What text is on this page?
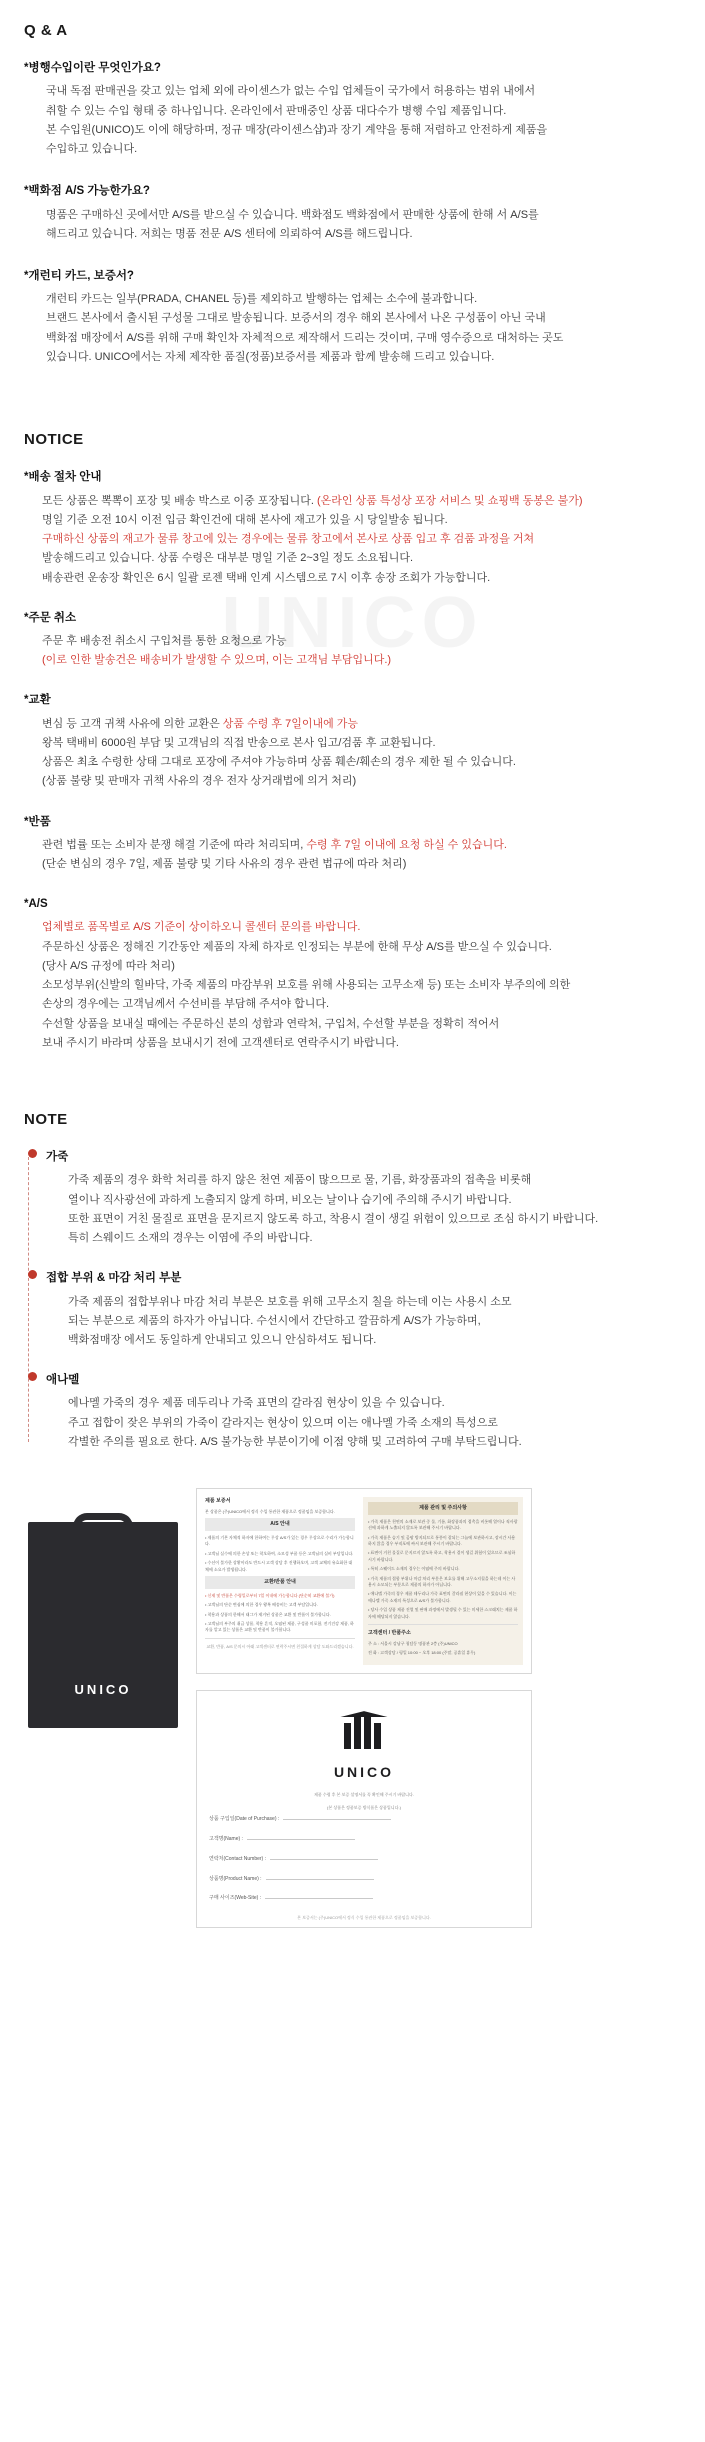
Q & A
*병행수입이란 무엇인가요?

국내 독점 판매권을 갖고 있는 업체 외에 라이센스가 없는 수입 업체들이 국가에서 허용하는 범위 내에서

취할 수 있는 수입 형태 중 하나입니다. 온라인에서 판매중인 상품 대다수가 병행 수입 제품입니다.

본 수입원(UNICO)도 이에 해당하며, 정규 매장(라이센스샵)과 장기 계약을 통해 저렴하고 안전하게 제품을

수입하고 있습니다.

*백화점 A/S 가능한가요?

명품은 구매하신 곳에서만 A/S를 받으실 수 있습니다. 백화점도 백화점에서 판매한 상품에 한해 서 A/S를

해드리고 있습니다. 저희는 명품 전문 A/S 센터에 의뢰하여 A/S를 해드립니다.

*개런티 카드, 보증서?

개런티 카드는 일부(PRADA, CHANEL 등)를 제외하고 발행하는 업체는 소수에 불과합니다.

브랜드 본사에서 출시된 구성물 그대로 발송됩니다. 보증서의 경우 해외 본사에서 나온 구성품이 아닌 국내

백화점 매장에서 A/S를 위해 구매 확인차 자체적으로 제작해서 드리는 것이며, 구매 영수증으로 대처하는 곳도

있습니다. UNICO에서는 자체 제작한 품질(정품)보증서를 제품과 함께 발송해 드리고 있습니다.

NOTICE
*배송 절차 안내

모든 상품은 뽁뽁이 포장 및 배송 박스로 이중 포장됩니다. (온라인 상품 특성상 포장 서비스 및 쇼핑백 동봉은 불가)

명일 기준 오전 10시 이전 입금 확인건에 대해 본사에 재고가 있을 시 당일발송 됩니다.

구매하신 상품의 재고가 물류 창고에 있는 경우에는 물류 창고에서 본사로 상품 입고 후 검품 과정을 거쳐

발송해드리고 있습니다. 상품 수령은 대부분 명일 기준 2~3일 정도 소요됩니다.

배송관련 운송장 확인은 6시 일괄 로젠 택배 인계 시스템으로 7시 이후 송장 조회가 가능합니다.

*주문 취소

주문 후 배송전 취소시 구입처를 통한 요청으로 가능

(이로 인한 발송건은 배송비가 발생할 수 있으며, 이는 고객님 부담입니다.)

*교환

변심 등 고객 귀책 사유에 의한 교환은 상품 수령 후 7일이내에 가능

왕복 택배비 6000원 부담 및 고객님의 직접 반송으로 본사 입고/검품 후 교환됩니다.

상품은 최초 수령한 상태 그대로 포장에 주셔야 가능하며 상품 훼손/훼손의 경우 제한 될 수 있습니다.

(상품 불량 및 판매자 귀책 사유의 경우 전자 상거래법에 의거 처리)

*반품

관련 법률 또는 소비자 분쟁 해결 기준에 따라 처리되며, 수령 후 7일 이내에 요청 하실 수 있습니다.

(단순 변심의 경우 7일, 제품 불량 및 기타 사유의 경우 관련 법규에 따라 처리)

*A/S

업체별로 품목별로 A/S 기준이 상이하오니 콜센터 문의를 바랍니다.

주문하신 상품은 정해진 기간동안 제품의 자체 하자로 인정되는 부분에 한해 무상 A/S를 받으실 수 있습니다.

(당사 A/S 규정에 따라 처리)

소모성부위(신발의 힐바닥, 가죽 제품의 마감부위 보호를 위해 사용되는 고무소재 등) 또는 소비자 부주의에 의한

손상의 경우에는 고객님께서 수선비를 부담해 주셔야 합니다.

수선할 상품을 보내실 때에는 주문하신 분의 성함과 연락처, 구입처, 수선할 부분을 정확히 적어서

보내 주시기 바라며 상품을 보내시기 전에 고객센터로 연락주시기 바랍니다.

NOTE
가죽

가죽 제품의 경우 화학 처리를 하지 않은 천연 제품이 많으므로 물, 기름, 화장품과의 접촉을 비롯해

열이나 직사광선에 과하게 노출되지 않게 하며, 비오는 날이나 습기에 주의해 주시기 바랍니다.

또한 표면이 거친 물질로 표면을 문지르지 않도록 하고, 착용시 결이 생길 위험이 있으므로 조심 하시기 바랍니다.

특히 스웨이드 소재의 경우는 이염에 주의 바랍니다.

접합 부위 & 마감 처리 부분

가죽 제품의 접합부위나 마감 처리 부분은 보호를 위해 고무소지 칠을 하는데 이는 사용시 소모

되는 부분으로 제품의 하자가 아닙니다. 수선시에서 간단하고 깔끔하게 A/S가 가능하며,

백화점매장 에서도 동일하게 안내되고 있으니 안심하셔도 됩니다.

애나멜

에나멜 가죽의 경우 제품 데두리나 가죽 표면의 갈라짐 현상이 있을 수 있습니다.

주고 접합이 잦은 부위의 가죽이 갈라지는 현상이 있으며 이는 애나멜 가죽 소재의 특성으로

각별한 주의를 필요로 한다. A/S 불가능한 부분이기에 이점 양해 및 고려하여 구매 부탁드립니다.

UNICO
제품 보증서
본 상품은 (주)UNICO에서 정식 수입 통관한 제품으로 정품임을 보증합니다.
A/S 안내
• 제품의 기본 자체적 하자에 한하여는 무상 A/S가 있는 경우 무상으로 수리가 가능합니다.
• 고객님 실수에 의한 손상 또는 착오하여, 소모성 부품 등은 고객님의 실비 부담입니다.
• 수선이 불가한 상황이라도 반드시 고객 상담 후 진행하오며, 고객 교체의 유효화한 대체에 소요가 발생됩니다.
교환/반품 안내
• 신제 및 반품은 수령일로부터 7일 이내에 가능합니다 (단순히 교환에 불가)
• 고객님의 단순 변심에 의한 경우 왕복 배송비는 고객 부담입니다.
• 착용과 상품의 한해서 태그가 제거된 상품은 교환 및 반품이 불가합니다.
• 고객님의 부주의 취급 상품, 착용 흔적, 오염된 제품, 구성품 미포함, 전기건강 제품, 하자를 알고 있는 상품은 교환 및 반품이 불가합니다.
교환, 반품, A/S 문의시 아래 고객센터로 연락주시면 친절하게 상담 도와드리겠습니다.
제품 관리 및 주의사항
• 가죽 제품은 천연의 소재로 보관 중 물, 기름, 화장품과의 접촉을 비롯해 열이나 직사광선에 과하게 노출되지 않도록 보관해 주시기 바랍니다.
• 가죽 제품은 습기 및 곰팡 방지되므로 통풍이 잘되는 그늘에 보관하시고, 장시간 사용하지 않을 경우 부직포에 싸서 보관해 주시기 바랍니다.
• 표면이 거친 물질로 문지르지 않도록 하고, 착용시 결이 생길 위험이 있으므로 조심하시기 바랍니다.
• 특히 스웨이드 소재의 경우는 이염에 주의 바랍니다.
• 가죽 제품의 접합 부위나 마감 처리 부분은 보호를 위해 고무소지칠을 하는데 이는 사용시 소모되는 부분으로 제품의 하자가 아닙니다.
• 애나멜 가죽의 경우 제품 테두리나 가죽 표면의 갈라짐 현상이 있을 수 있습니다. 이는 애나멜 가죽 소재의 특성으로 A/S가 불가합니다.
• 당사 수입 상품 제품 진열 및 판매 과정에서 발생될 수 있는 미세한 스크래치는 제품 하자에 해당되지 않습니다.
고객센터 / 반품주소
주 소 : 서울시 강남구 청담동 명품관 2층 (주)UNICO
전 화 : 고객상담 / 평일 10:00 ~ 오후 18:00 (주말, 공휴일 휴무)
UNICO
제품 수령 후 본 보증 설명서를 꼭 확인해 주시기 바랍니다.
(본 상품은 정품보증 방식품은 상품입니다.)
상품 구입일(Date of Purchase) :
고객명(Name) :
연락처(Contact Number) :
상품명(Product Name) :
구매 사이즈(Web-Site) :
본 보증서는 (주)UNICO에서 정식 수입 통관한 제품으로 정품임을 보증합니다.
